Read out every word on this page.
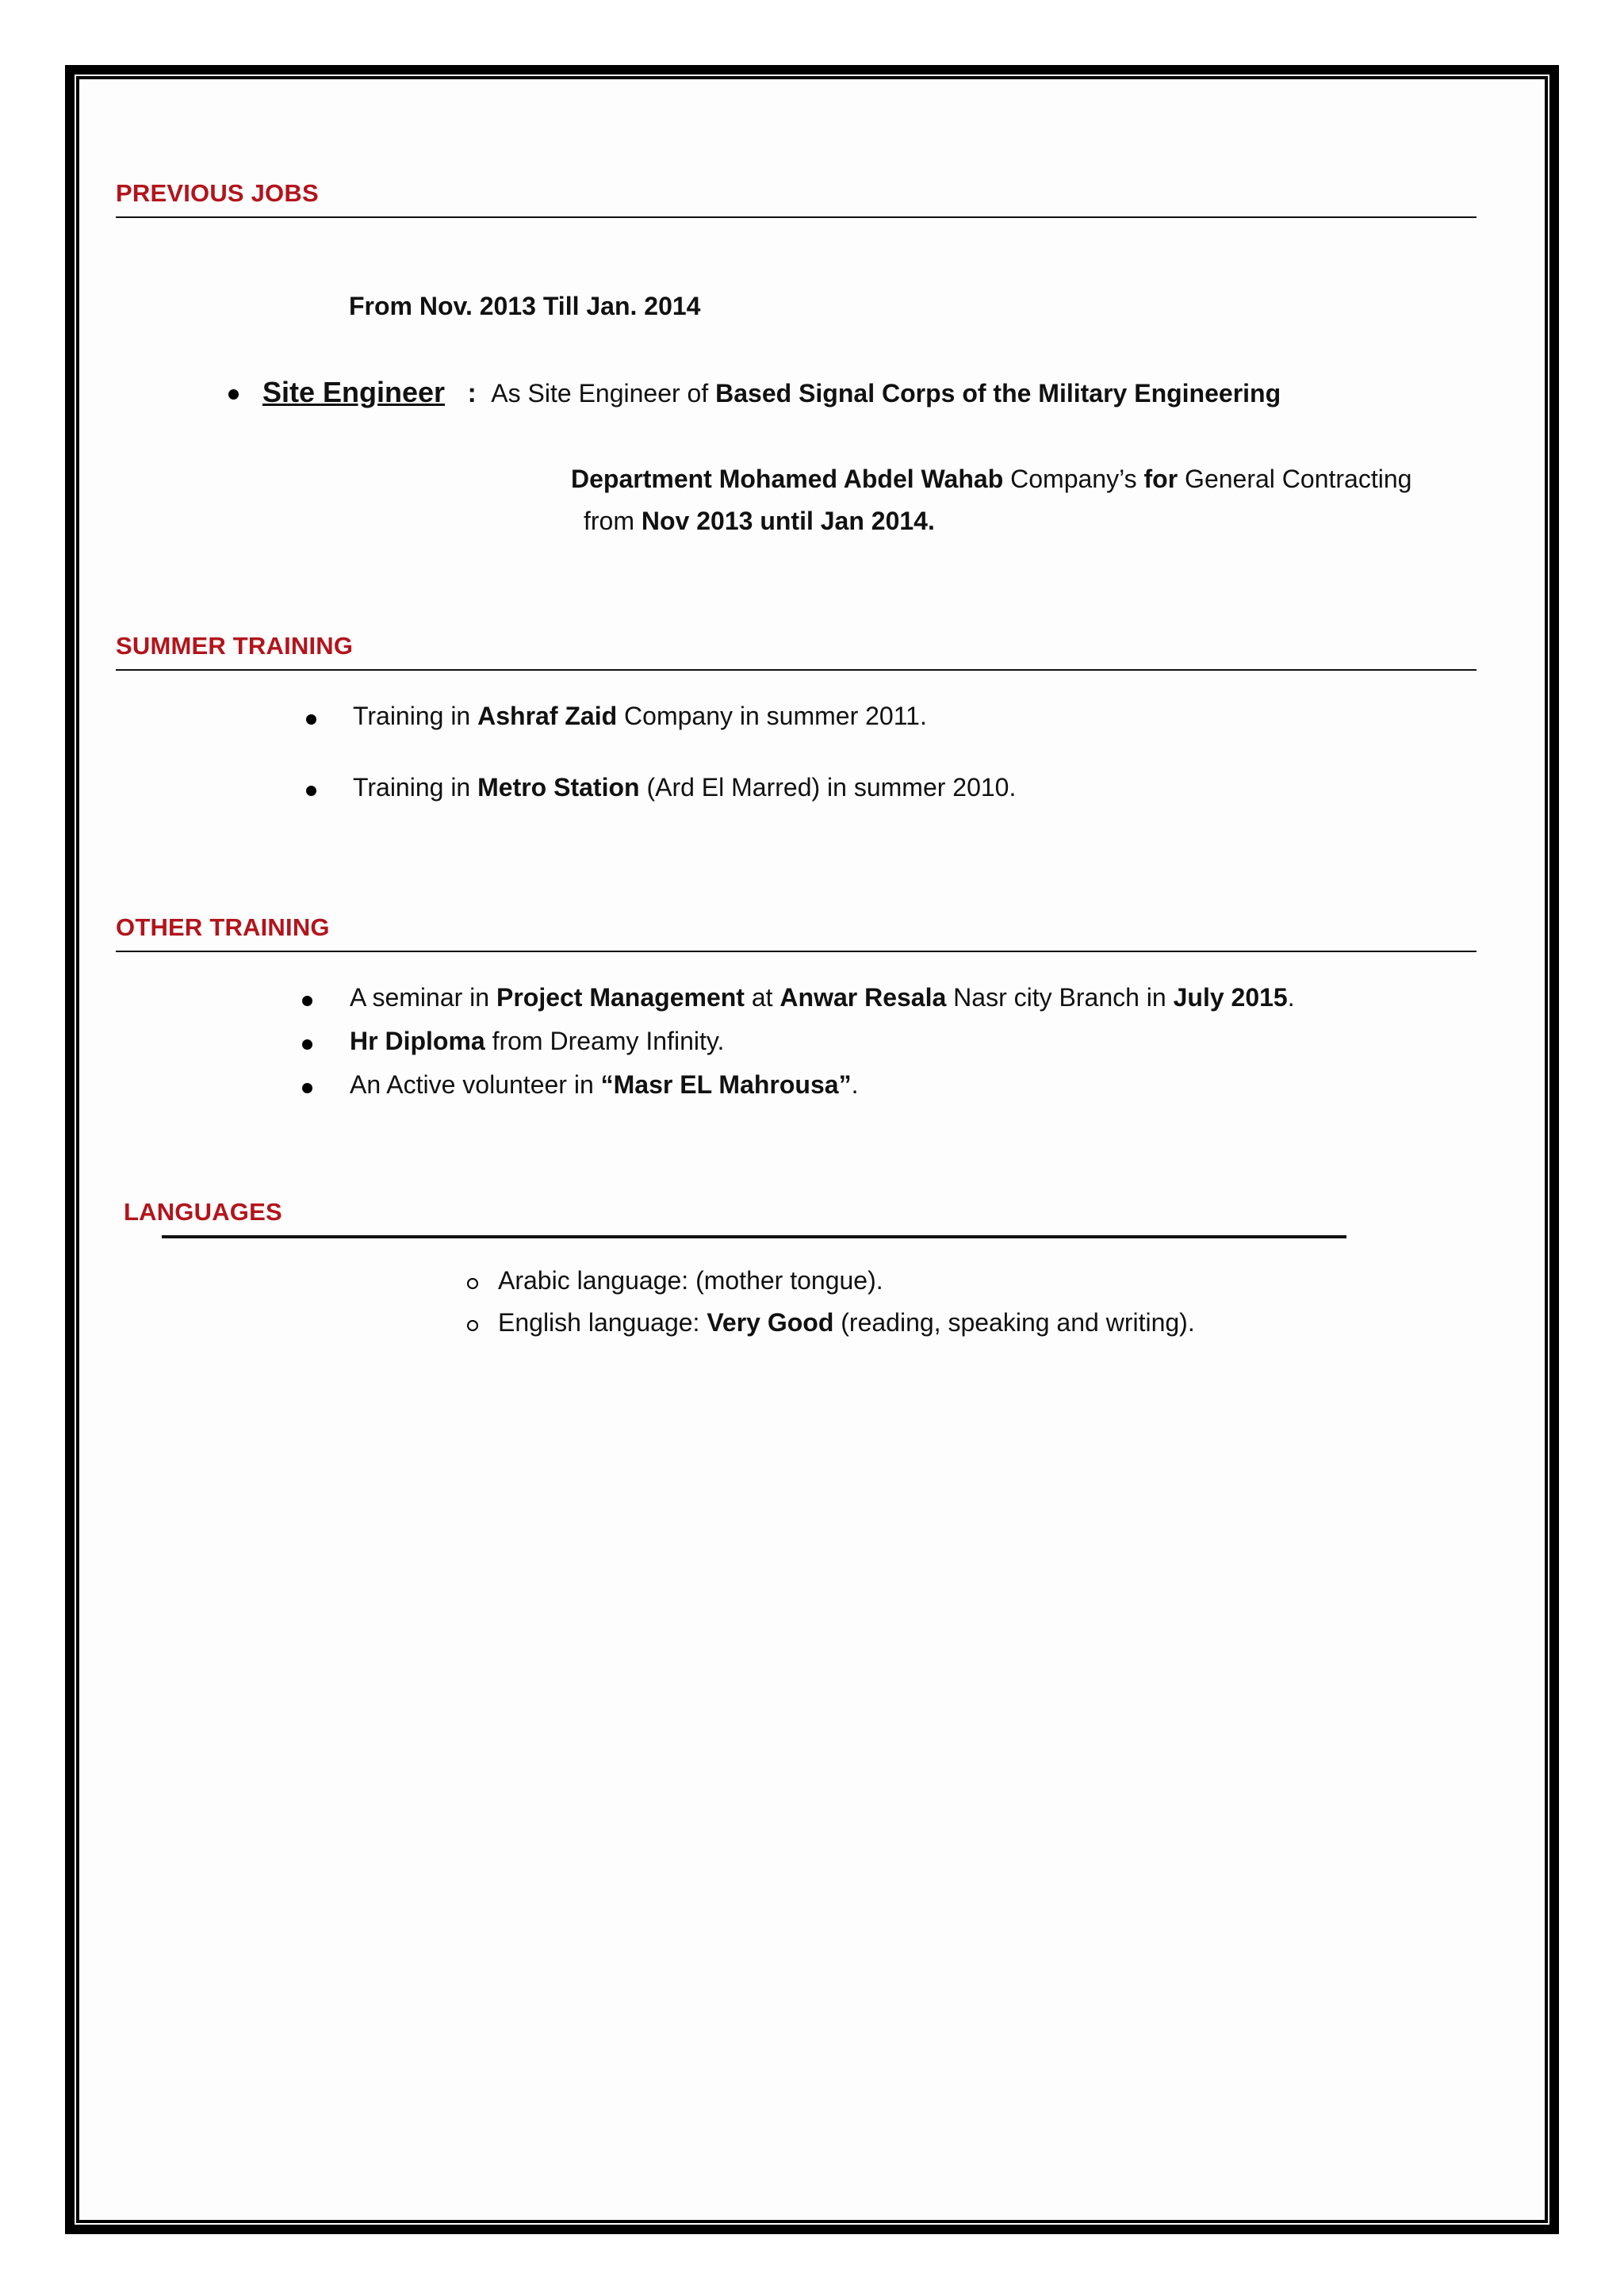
PREVIOUS JOBS
From Nov. 2013 Till Jan. 2014
Site Engineer : As Site Engineer of Based Signal Corps of the Military Engineering
Department Mohamed Abdel Wahab Company’s for General Contracting
from Nov 2013 until Jan 2014.
SUMMER TRAINING
Training in Ashraf Zaid Company in summer 2011.
Training in Metro Station (Ard El Marred) in summer 2010.
OTHER TRAINING
A seminar in Project Management at Anwar Resala Nasr city Branch in July 2015.
Hr Diploma from Dreamy Infinity.
An Active volunteer in “Masr EL Mahrousa”.
LANGUAGES
Arabic language: (mother tongue).
English language: Very Good (reading, speaking and writing).
